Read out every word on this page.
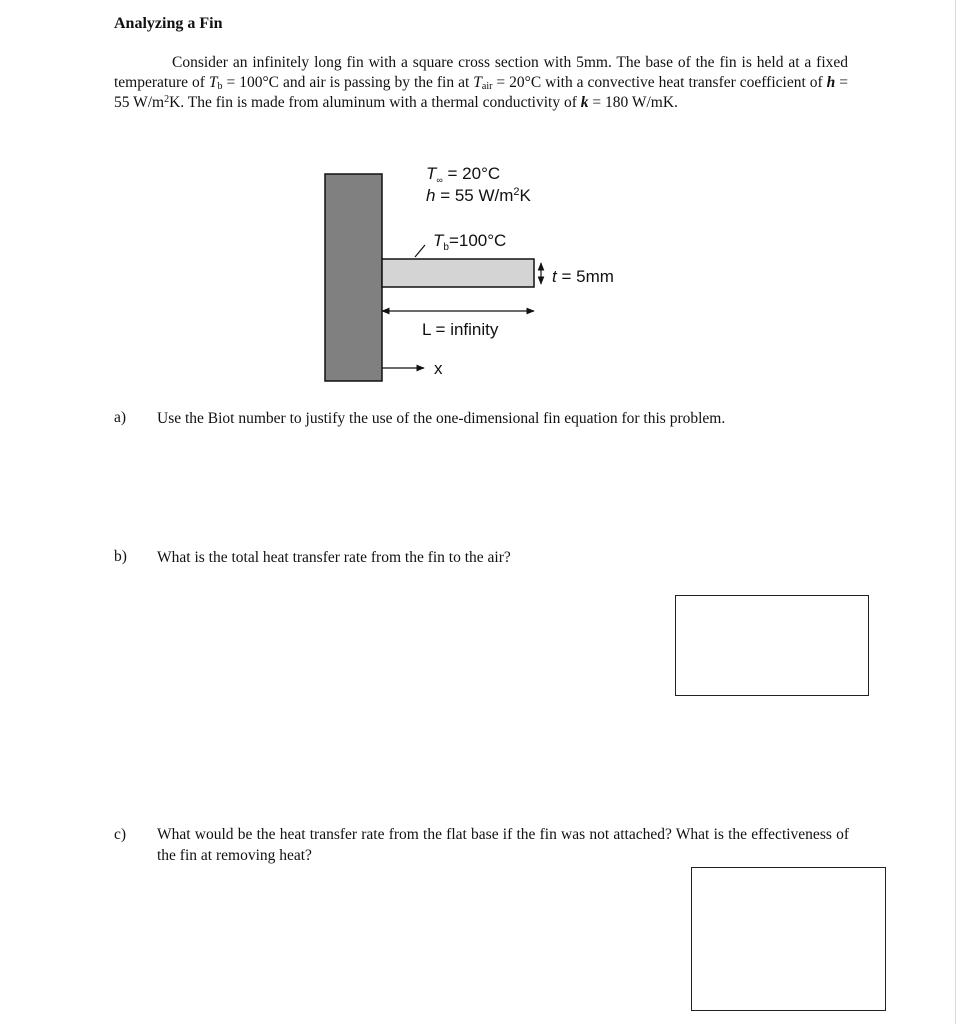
Analyzing a Fin
Consider an infinitely long fin with a square cross section with 5mm. The base of the fin is held at a fixed temperature of $T_b = 100^\circ C$ and air is passing by the fin at $T_{air} = 20^\circ C$ with a convective heat transfer coefficient of h = 55 $W/m^2K$. The fin is made from aluminum with a thermal conductivity of k = 180 W/mK.
$T_\infty = 20^\circ C$
h = 55 $W/m^2K$
$T_b=100^\circ C$
t = 5mm
L = infinity
x
a) Use the Biot number to justify the use of the one-dimensional fin equation for this problem.
b) What is the total heat transfer rate from the fin to the air?
c) What would be the heat transfer rate from the flat base if the fin was not attached? What is the effectiveness of the fin at removing heat?
